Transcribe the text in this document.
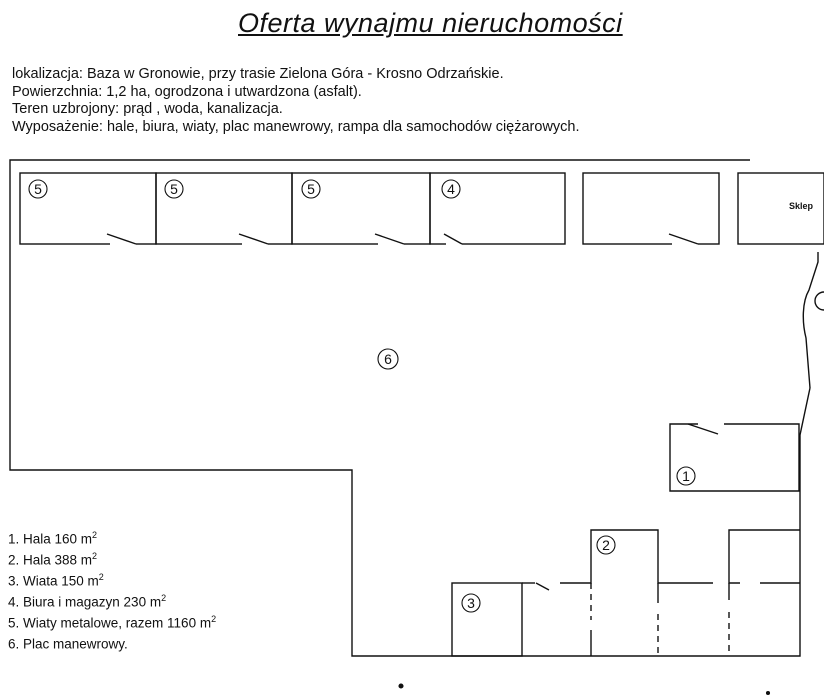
Oferta wynajmu nieruchomości
lokalizacja: Baza w Gronowie, przy trasie Zielona Góra - Krosno Odrzańskie.
Powierzchnia: 1,2 ha, ogrodzona i utwardzona (asfalt).
Teren uzbrojony: prąd , woda, kanalizacja.
Wyposażenie: hale, biura, wiaty, plac manewrowy, rampa dla samochodów ciężarowych.
5	5	5	4
Sklep
6
1
2
3
1. Hala 160 $m^2$
2. Hala 388 $m^2$
3. Wiata 150 $m^2$
4. Biura i magazyn 230 $m^2$
5. Wiaty metalowe, razem 1160 $m^2$
6. Plac manewrowy.
